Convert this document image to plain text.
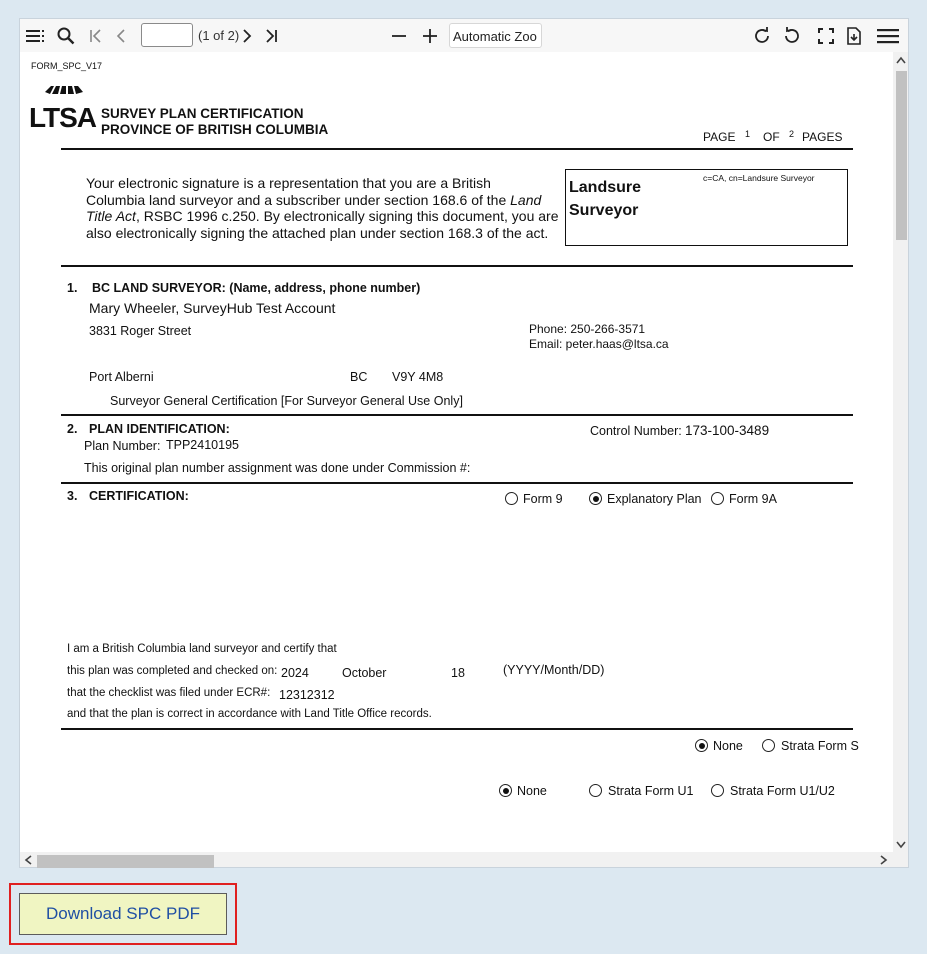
(1 of 2)	Automatic Zoo
FORM_SPC_V17
LTSA SURVEY PLAN CERTIFICATION
PROVINCE OF BRITISH COLUMBIA	PAGE 1 OF 2 PAGES
Your electronic signature is a representation that you are a British
Columbia land surveyor and a subscriber under section 168.6 of the Land
Title Act, RSBC 1996 c.250. By electronically signing this document, you are
also electronically signing the attached plan under section 168.3 of the act.
Landsure
Surveyor
c=CA, cn=Landsure Surveyor
1. BC LAND SURVEYOR: (Name, address, phone number)
Mary Wheeler, SurveyHub Test Account
3831 Roger Street	Phone: 250-266-3571
Email: peter.haas@ltsa.ca
Port Alberni	BC V9Y 4M8
Surveyor General Certification [For Surveyor General Use Only]
2. PLAN IDENTIFICATION:
Plan Number: TPP2410195
Control Number: 173-100-3489
This original plan number assignment was done under Commission #:
3. CERTIFICATION:	Form 9	Explanatory Plan Form 9A
I am a British Columbia land surveyor and certify that
this plan was completed and checked on: 2024	October	18	(YYYY/Month/DD)
that the checklist was filed under ECR#: 12312312
and that the plan is correct in accordance with Land Title Office records.
None	Strata Form S
None	Strata Form U1	Strata Form U1/U2
Download SPC PDF
